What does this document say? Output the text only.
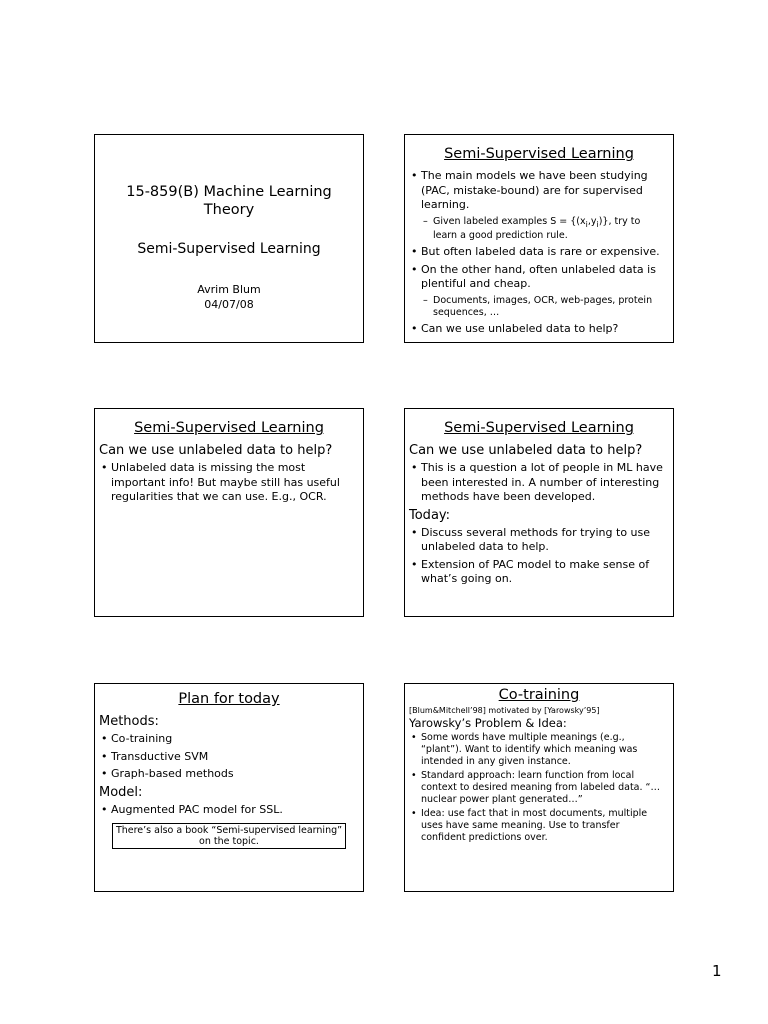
15-859(B) Machine Learning Theory
Semi-Supervised Learning
Avrim Blum
04/07/08
Semi-Supervised Learning
• The main models we have been studying (PAC, mistake-bound) are for supervised learning.
– Given labeled examples $S = \{(x_i,y_i)\}$, try to learn a good prediction rule.
• But often labeled data is rare or expensive.
• On the other hand, often unlabeled data is plentiful and cheap.
– Documents, images, OCR, web-pages, protein sequences, …
• Can we use unlabeled data to help?
Semi-Supervised Learning
Can we use unlabeled data to help?
• Unlabeled data is missing the most important info! But maybe still has useful regularities that we can use. E.g., OCR.
Semi-Supervised Learning
Can we use unlabeled data to help?
• This is a question a lot of people in ML have been interested in. A number of interesting methods have been developed.
Today:
• Discuss several methods for trying to use unlabeled data to help.
• Extension of PAC model to make sense of what’s going on.
Plan for today
Methods:
• Co-training
• Transductive SVM
• Graph-based methods
Model:
• Augmented PAC model for SSL.
There’s also a book “Semi-supervised learning” on the topic.
Co-training
[Blum&Mitchell’98] motivated by [Yarowsky’95]
Yarowsky’s Problem & Idea:
• Some words have multiple meanings (e.g., “plant”). Want to identify which meaning was intended in any given instance.
• Standard approach: learn function from local context to desired meaning from labeled data. “…nuclear power plant generated…”
• Idea: use fact that in most documents, multiple uses have same meaning. Use to transfer confident predictions over.
1
